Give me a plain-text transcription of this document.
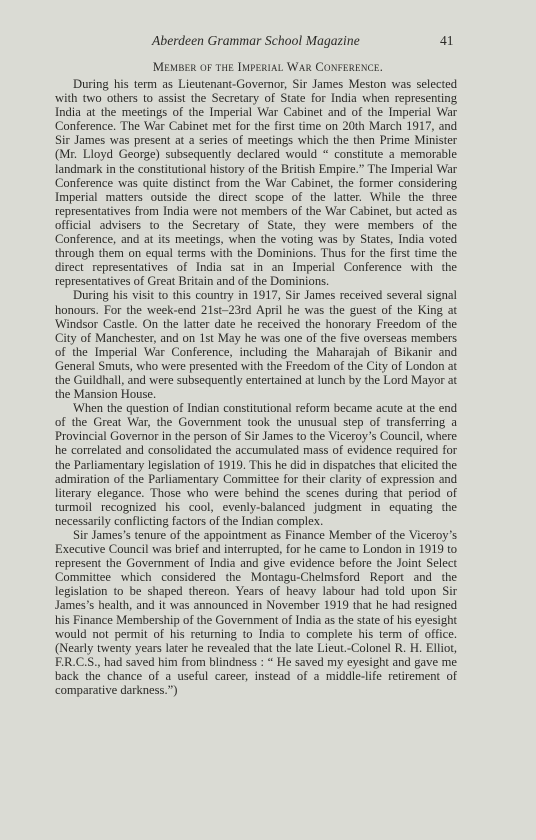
Aberdeen Grammar School Magazine	41
Member of the Imperial War Conference.

During his term as Lieutenant-Governor, Sir James Meston was selected with two others to assist the Secretary of State for India when representing India at the meetings of the Imperial War Cabinet and of the Imperial War Conference. The War Cabinet met for the first time on 20th March 1917, and Sir James was present at a series of meetings which the then Prime Minister (Mr. Lloyd George) subsequently declared would “ constitute a memorable landmark in the constitutional history of the British Empire.” The Imperial War Conference was quite distinct from the War Cabinet, the former considering Imperial matters outside the direct scope of the latter. While the three representatives from India were not members of the War Cabinet, but acted as official advisers to the Secretary of State, they were members of the Conference, and at its meetings, when the voting was by States, India voted through them on equal terms with the Dominions. Thus for the first time the direct representatives of India sat in an Imperial Conference with the representatives of Great Britain and of the Dominions.

During his visit to this country in 1917, Sir James received several signal honours. For the week-end 21st–23rd April he was the guest of the King at Windsor Castle. On the latter date he received the honorary Freedom of the City of Manchester, and on 1st May he was one of the five overseas members of the Imperial War Conference, including the Maharajah of Bikanir and General Smuts, who were presented with the Freedom of the City of London at the Guildhall, and were subsequently entertained at lunch by the Lord Mayor at the Mansion House.

When the question of Indian constitutional reform became acute at the end of the Great War, the Government took the unusual step of transferring a Provincial Governor in the person of Sir James to the Viceroy’s Council, where he correlated and consolidated the accumulated mass of evidence required for the Parliamentary legislation of 1919. This he did in dispatches that elicited the admiration of the Parliamentary Committee for their clarity of expression and literary elegance. Those who were behind the scenes during that period of turmoil recognized his cool, evenly-balanced judgment in equating the necessarily conflicting factors of the Indian complex.

Sir James’s tenure of the appointment as Finance Member of the Viceroy’s Executive Council was brief and interrupted, for he came to London in 1919 to represent the Government of India and give evidence before the Joint Select Committee which considered the Montagu-Chelmsford Report and the legislation to be shaped thereon. Years of heavy labour had told upon Sir James’s health, and it was announced in November 1919 that he had resigned his Finance Membership of the Government of India as the state of his eyesight would not permit of his returning to India to complete his term of office. (Nearly twenty years later he revealed that the late Lieut.-Colonel R. H. Elliot, F.R.C.S., had saved him from blindness : “ He saved my eyesight and gave me back the chance of a useful career, instead of a middle-life retirement of comparative darkness.”)
